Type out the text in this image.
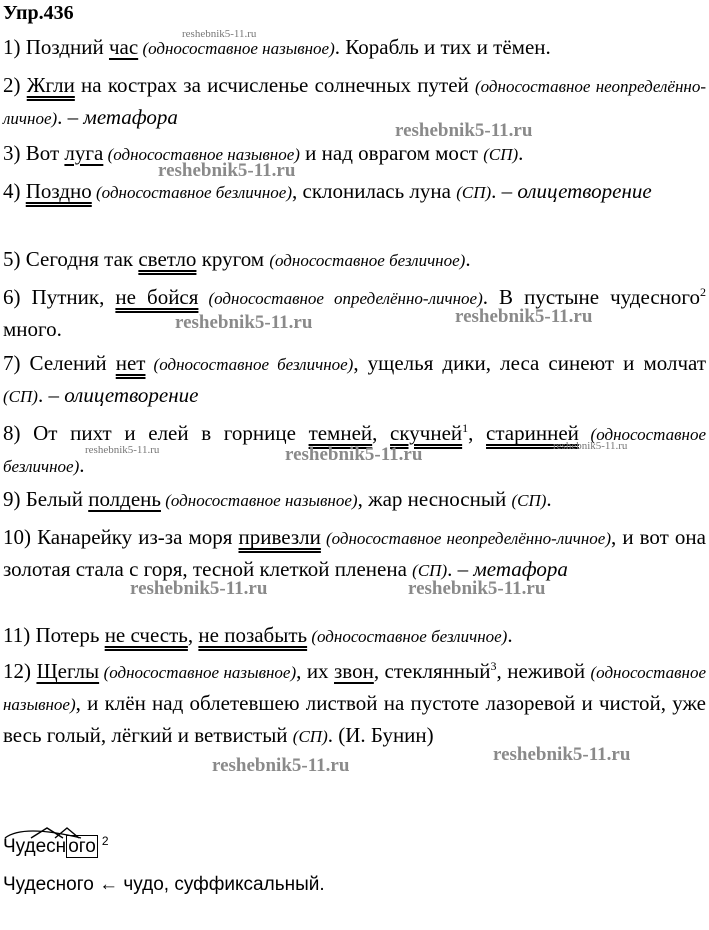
Упр.436
1) Поздний час (односоставное назывное). Корабль и тих и тёмен.
2) Жгли на кострах за исчисленье солнечных путей (односоставное неопределённо-личное). – метафора
3) Вот луга (односоставное назывное) и над оврагом мост (СП).
4) Поздно (односоставное безличное), склонилась луна (СП). – олицетворение
5) Сегодня так светло кругом (односоставное безличное).
6) Путник, не бойся (односоставное определённо-личное). В пустыне чудесного$^2$ много.
7) Селений нет (односоставное безличное), ущелья дики, леса синеют и молчат (СП). – олицетворение
8) От пихт и елей в горнице темней, скучней$^1$, старинней (односоставное безличное).
9) Белый полдень (односоставное назывное), жар несносный (СП).
10) Канарейку из-за моря привезли (односоставное неопределённо-личное), и вот она золотая стала с горя, тесной клеткой пленена (СП). – метафора
11) Потерь не счесть, не позабыть (односоставное безличное).
12) Щеглы (односоставное назывное), их звон, стеклянный$^3$, неживой (односоставное назывное), и клён над облетевшею листвой на пустоте лазоревой и чистой, уже весь голый, лёгкий и ветвистый (СП). (И. Бунин)
Чудесн ого $^2$
Чудесного ← чудо, суффиксальный.
reshebnik5-11.ru
reshebnik5-11.ru
reshebnik5-11.ru
reshebnik5-11.ru	reshebnik5-11.ru
reshebnik5-11.ru	reshebnik5-11.ru	reshebnik5-11.ru
reshebnik5-11.ru	reshebnik5-11.ru
reshebnik5-11.ru
reshebnik5-11.ru
